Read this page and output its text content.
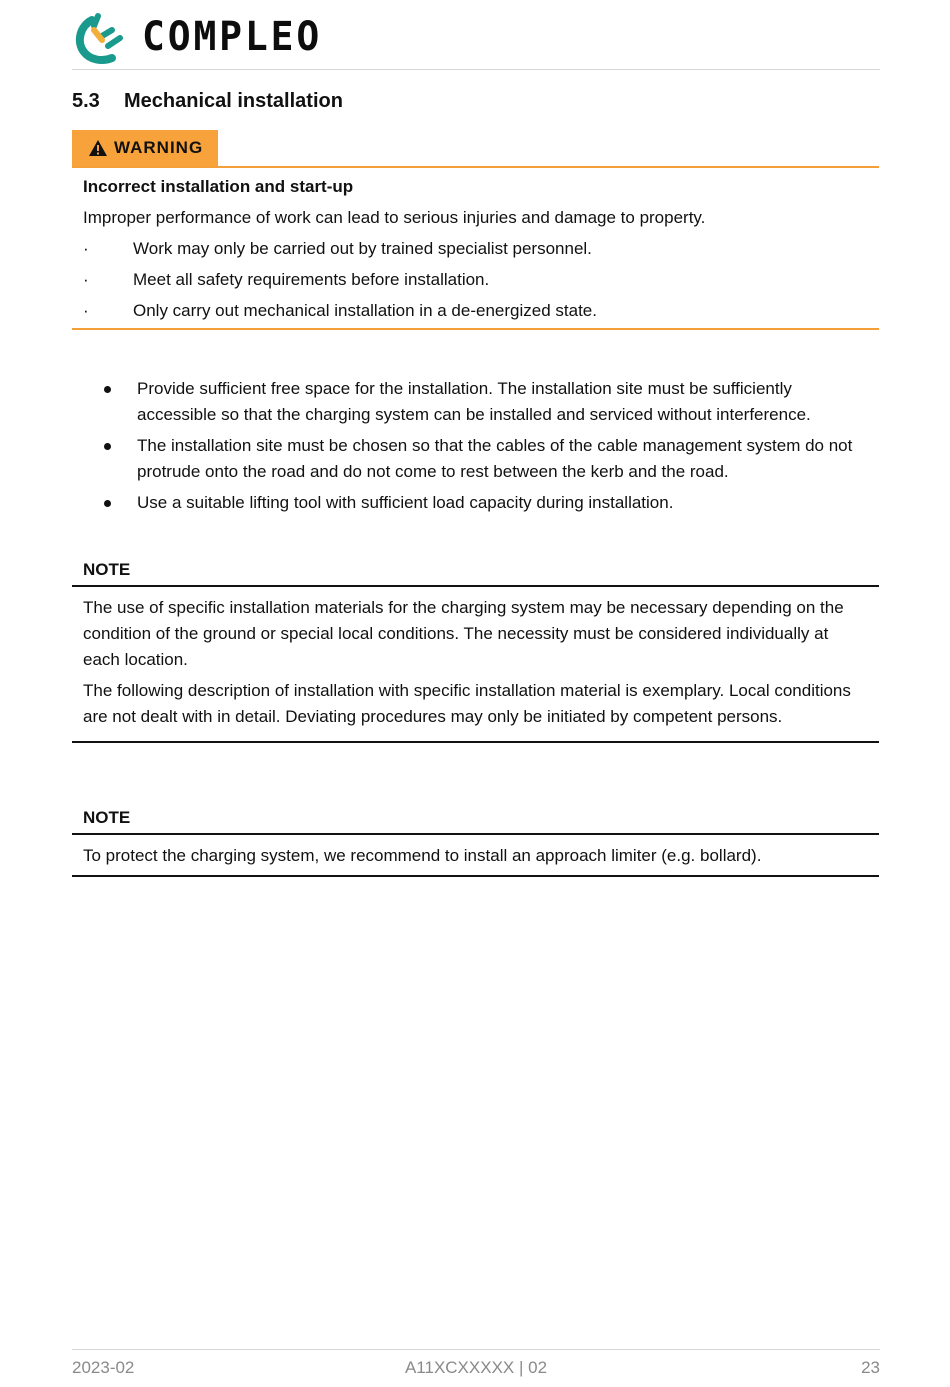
COMPLEO
5.3 Mechanical installation
WARNING
Incorrect installation and start-up
Improper performance of work can lead to serious injuries and damage to property.
·	Work may only be carried out by trained specialist personnel.
·	Meet all safety requirements before installation.
·	Only carry out mechanical installation in a de-energized state.
Provide sufficient free space for the installation. The installation site must be sufficiently accessible so that the charging system can be installed and serviced without interference.
The installation site must be chosen so that the cables of the cable management system do not protrude onto the road and do not come to rest between the kerb and the road.
Use a suitable lifting tool with sufficient load capacity during installation.
NOTE

The use of specific installation materials for the charging system may be necessary depending on the condition of the ground or special local conditions. The necessity must be considered individually at each location.

The following description of installation with specific installation material is exemplary. Local conditions are not dealt with in detail. Deviating procedures may only be initiated by competent persons.

NOTE

To protect the charging system, we recommend to install an approach limiter (e.g. bollard).

2023-02	A11XCXXXXX | 02	23
